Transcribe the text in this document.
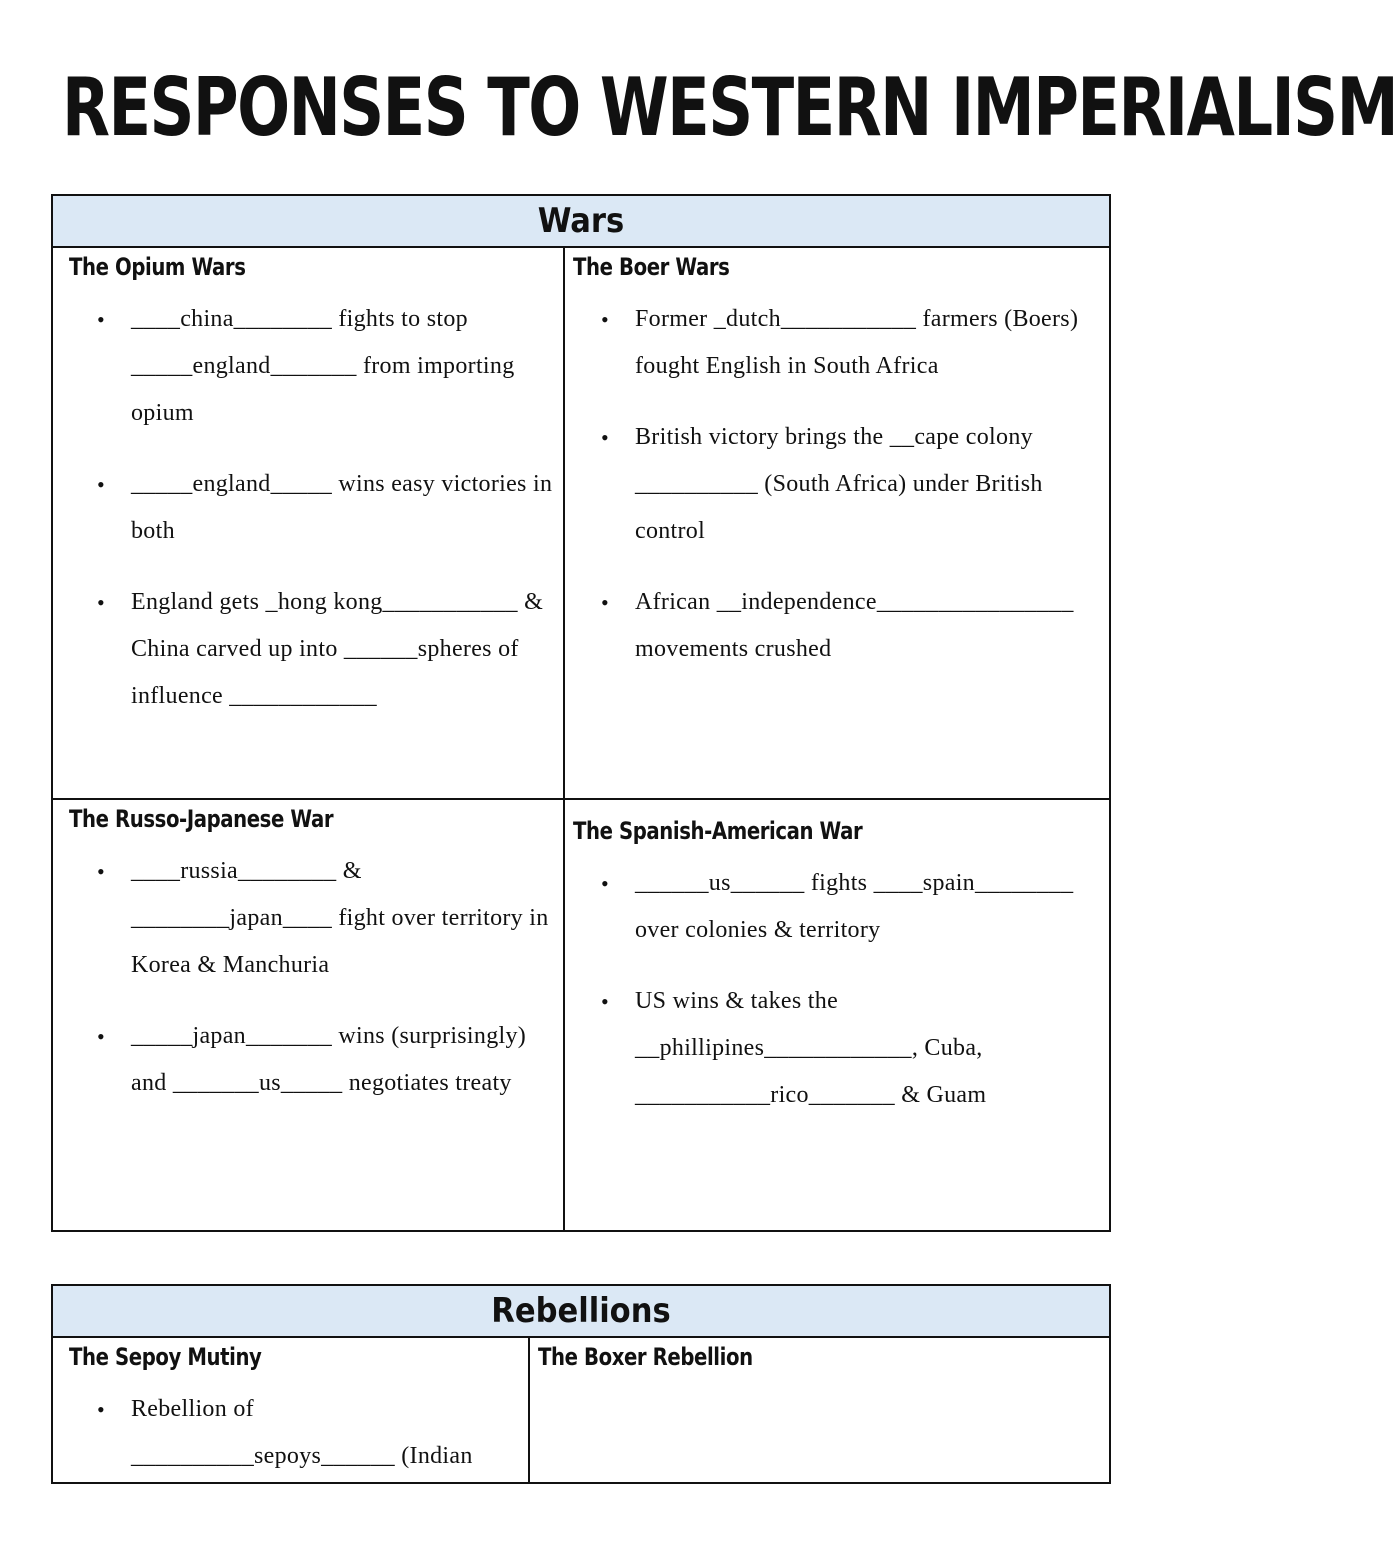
RESPONSES TO WESTERN IMPERIALISM
Wars
The Opium Wars
• ____china________ fights to stop _____england_______ from importing opium
• _____england_____ wins easy victories in both
• England gets _hong kong___________ & China carved up into ______spheres of influence ____________
The Boer Wars
• Former _dutch___________ farmers (Boers) fought English in South Africa
• British victory brings the __cape colony __________ (South Africa) under British control
• African __independence________________ movements crushed
The Russo-Japanese War
• ____russia________ & ________japan____ fight over territory in Korea & Manchuria
• _____japan_______ wins (surprisingly) and _______us_____ negotiates treaty
The Spanish-American War
• ______us______ fights ____spain________ over colonies & territory
• US wins & takes the __phillipines____________, Cuba, ___________rico_______ & Guam
Rebellions
The Sepoy Mutiny
• Rebellion of __________sepoys______ (Indian
The Boxer Rebellion
